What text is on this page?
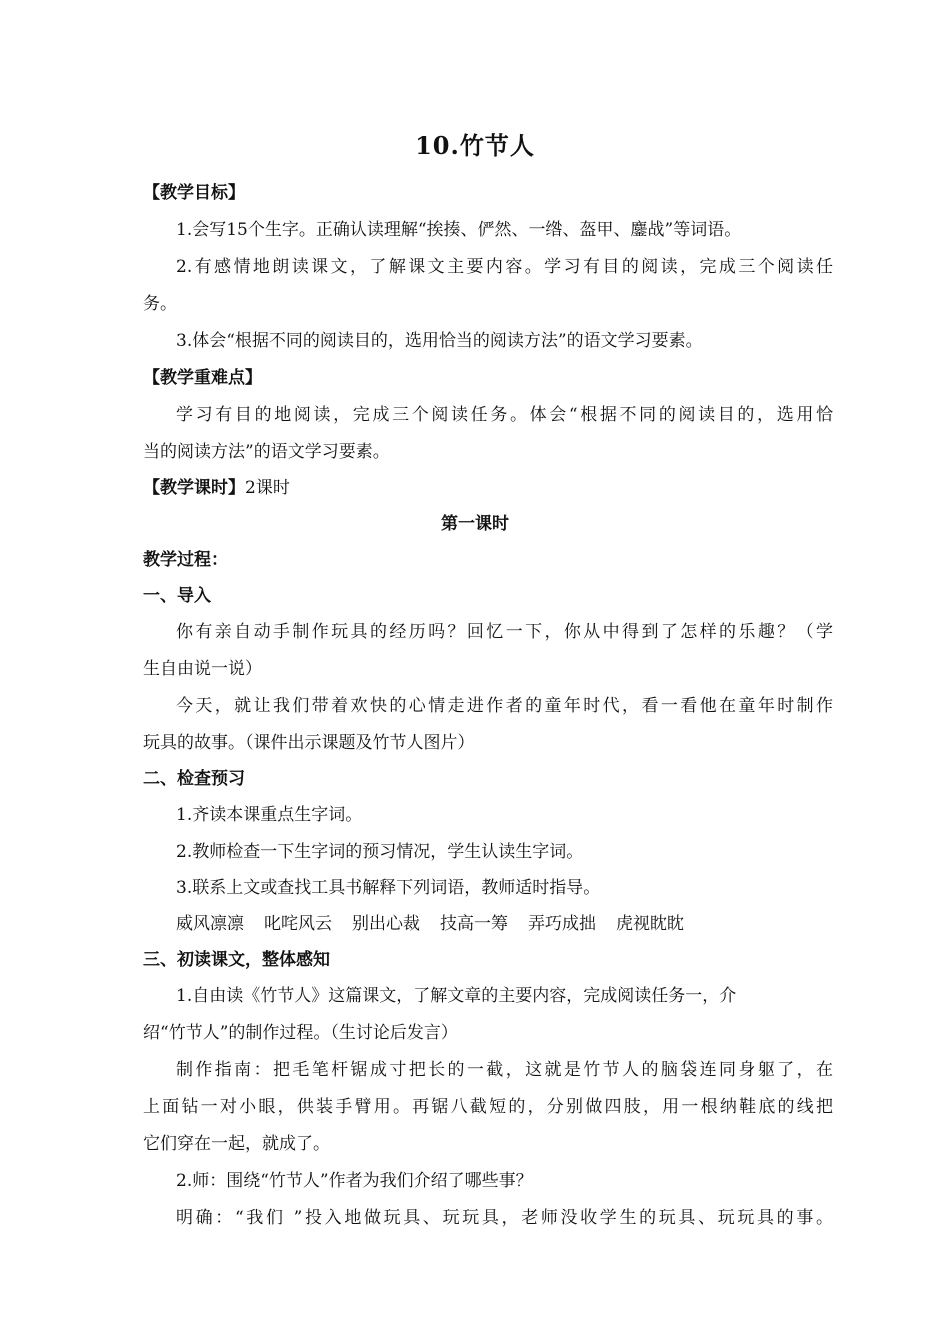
10.竹节人
【教学目标】
1.会写15个生字。正确认读理解“挨揍、俨然、一绺、盔甲、鏖战”等词语。
2.有感情地朗读课文，了解课文主要内容。学习有目的阅读，完成三个阅读任
务。
3.体会“根据不同的阅读目的，选用恰当的阅读方法”的语文学习要素。
【教学重难点】
学习有目的地阅读，完成三个阅读任务。体会“根据不同的阅读目的，选用恰
当的阅读方法”的语文学习要素。
【教学课时】2课时
第一课时
教学过程：
一、导入
你有亲自动手制作玩具的经历吗？回忆一下，你从中得到了怎样的乐趣？（学
生自由说一说）
今天，就让我们带着欢快的心情走进作者的童年时代，看一看他在童年时制作
玩具的故事。（课件出示课题及竹节人图片）
二、检查预习
1.齐读本课重点生字词。
2.教师检查一下生字词的预习情况，学生认读生字词。
3.联系上文或查找工具书解释下列词语，教师适时指导。
威风凛凛 叱咤风云 别出心裁 技高一筹 弄巧成拙 虎视眈眈
三、初读课文，整体感知
1.自由读《竹节人》这篇课文，了解文章的主要内容，完成阅读任务一，介
绍“竹节人”的制作过程。（生讨论后发言）
制作指南：把毛笔杆锯成寸把长的一截，这就是竹节人的脑袋连同身躯了，在
上面钻一对小眼，供装手臂用。再锯八截短的，分别做四肢，用一根纳鞋底的线把
它们穿在一起，就成了。
2.师：围绕“竹节人”作者为我们介绍了哪些事？
明确：“我们 ”投入地做玩具、玩玩具，老师没收学生的玩具、玩玩具的事。
